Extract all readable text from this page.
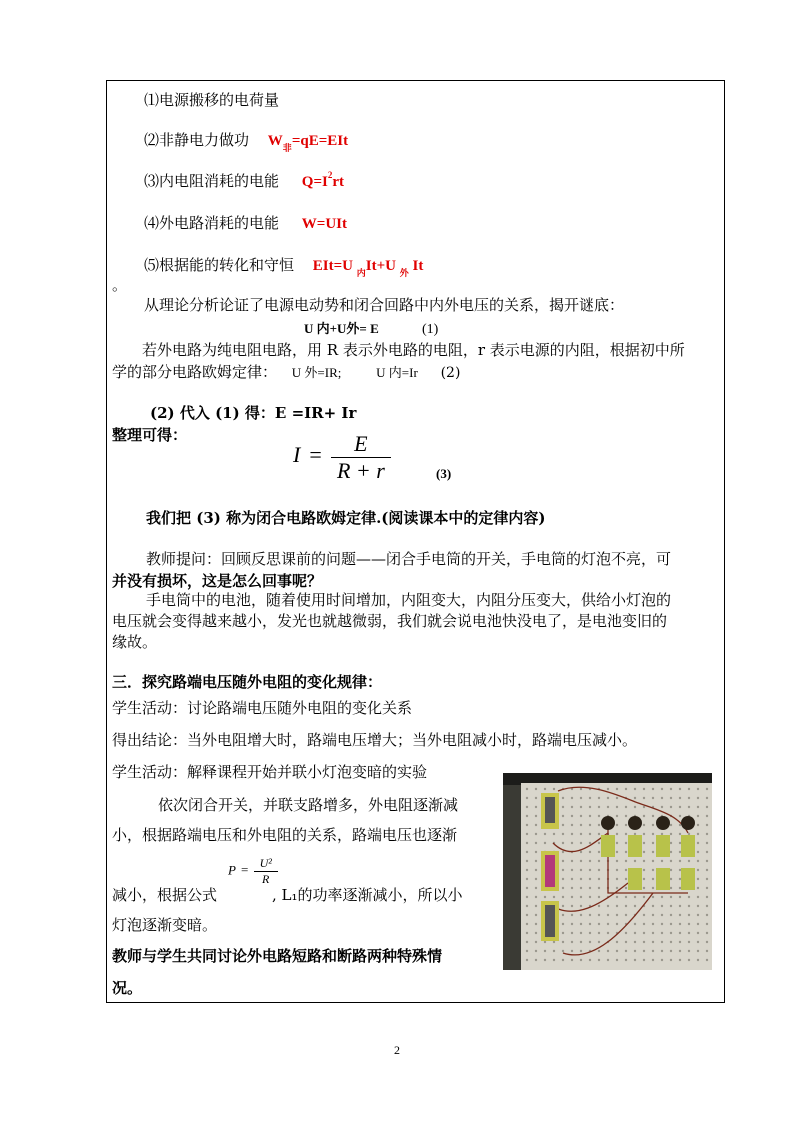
⑴电源搬移的电荷量
⑵非静电力做功 $W_非=qE=EIt$
⑶内电阻消耗的电能 $Q=I^2rt$
⑷外电路消耗的电能 W=UIt
⑸根据能的转化和守恒 EIt=U $_内$It+U $_外$ It
。
从理论分析论证了电源电动势和闭合回路中内外电压的关系，揭开谜底：
U 内+U外= E	(1)
若外电路为纯电阻电路，用 R 表示外电路的电阻，r 表示电源的内阻，根据初中所
学的部分电路欧姆定律： U 外=IR;	U 内=Ir (2)
(2) 代入 (1) 得：E =IR+ Ir
整理可得：
$I = \frac{E}{R + r}$	(3)
我们把 (3) 称为闭合电路欧姆定律.(阅读课本中的定律内容)
教师提问：回顾反思课前的问题——闭合手电筒的开关，手电筒的灯泡不亮，可
并没有损坏，这是怎么回事呢？
手电筒中的电池，随着使用时间增加，内阻变大，内阻分压变大，供给小灯泡的
电压就会变得越来越小，发光也就越微弱，我们就会说电池快没电了，是电池变旧的
缘故。
三．探究路端电压随外电阻的变化规律：
学生活动：讨论路端电压随外电阻的变化关系
得出结论：当外电阻增大时，路端电压增大；当外电阻减小时，路端电压减小。
学生活动：解释课程开始并联小灯泡变暗的实验
依次闭合开关，并联支路增多，外电阻逐渐减
小，根据路端电压和外电阻的关系，路端电压也逐渐
减小，根据公式
$P = \frac{\text{U²}}{R}$
, L₁的功率逐渐减小，所以小
灯泡逐渐变暗。
教师与学生共同讨论外电路短路和断路两种特殊情
况。
2
